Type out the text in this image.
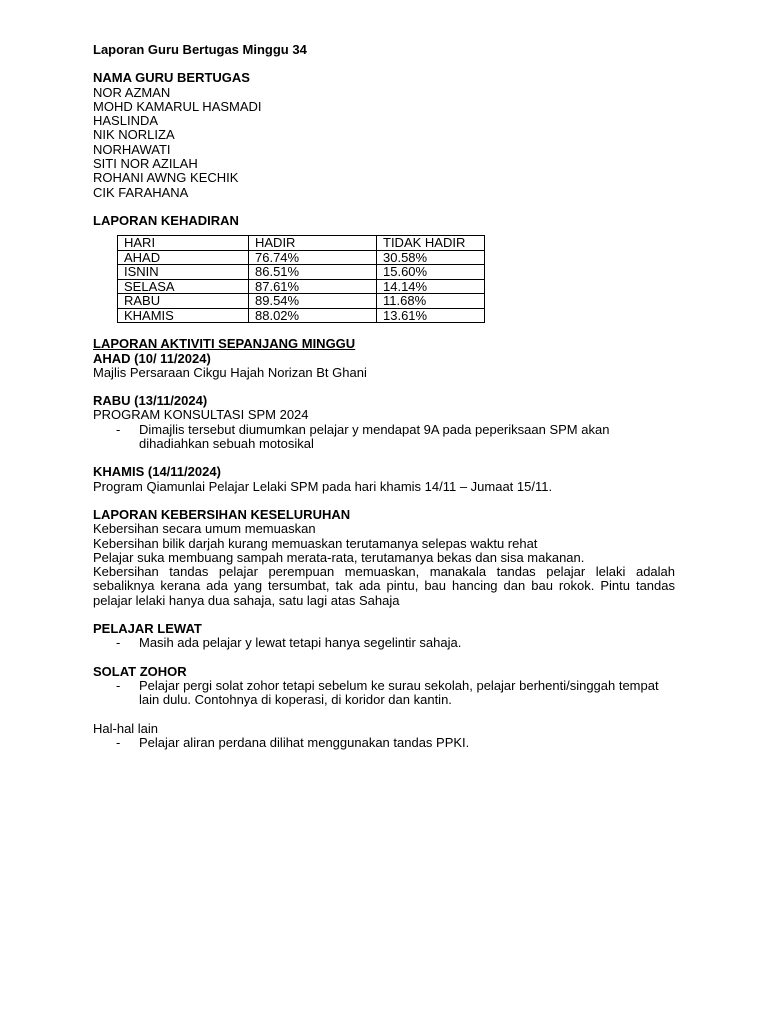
Laporan Guru Bertugas Minggu 34

NAMA GURU BERTUGAS

NOR AZMAN

MOHD KAMARUL HASMADI

HASLINDA

NIK NORLIZA

NORHAWATI

SITI NOR AZILAH

ROHANI AWNG KECHIK

CIK FARAHANA

LAPORAN KEHADIRAN

HARI	HADIR	TIDAK HADIR
AHAD	76.74%	30.58%
ISNIN	86.51%	15.60%
SELASA	87.61%	14.14%
RABU	89.54%	11.68%
KHAMIS	88.02%	13.61%

LAPORAN AKTIVITI SEPANJANG MINGGU

AHAD (10/ 11/2024)

Majlis Persaraan Cikgu Hajah Norizan Bt Ghani

RABU (13/11/2024)

PROGRAM KONSULTASI SPM 2024

-	Dimajlis tersebut diumumkan pelajar y mendapat 9A pada peperiksaan SPM akan dihadiahkan sebuah motosikal

KHAMIS (14/11/2024)

Program Qiamunlai Pelajar Lelaki SPM pada hari khamis 14/11 – Jumaat 15/11.

LAPORAN KEBERSIHAN KESELURUHAN

Kebersihan secara umum memuaskan

Kebersihan bilik darjah kurang memuaskan terutamanya selepas waktu rehat

Pelajar suka membuang sampah merata-rata, terutamanya bekas dan sisa makanan.

Kebersihan tandas pelajar perempuan memuaskan, manakala tandas pelajar lelaki adalah sebaliknya kerana ada yang tersumbat, tak ada pintu, bau hancing dan bau rokok. Pintu tandas pelajar lelaki hanya dua sahaja, satu lagi atas Sahaja

PELAJAR LEWAT

-	Masih ada pelajar y lewat tetapi hanya segelintir sahaja.

SOLAT ZOHOR

-	Pelajar pergi solat zohor tetapi sebelum ke surau sekolah, pelajar berhenti/singgah tempat lain dulu. Contohnya di koperasi, di koridor dan kantin.

Hal-hal lain

-	Pelajar aliran perdana dilihat menggunakan tandas PPKI.
